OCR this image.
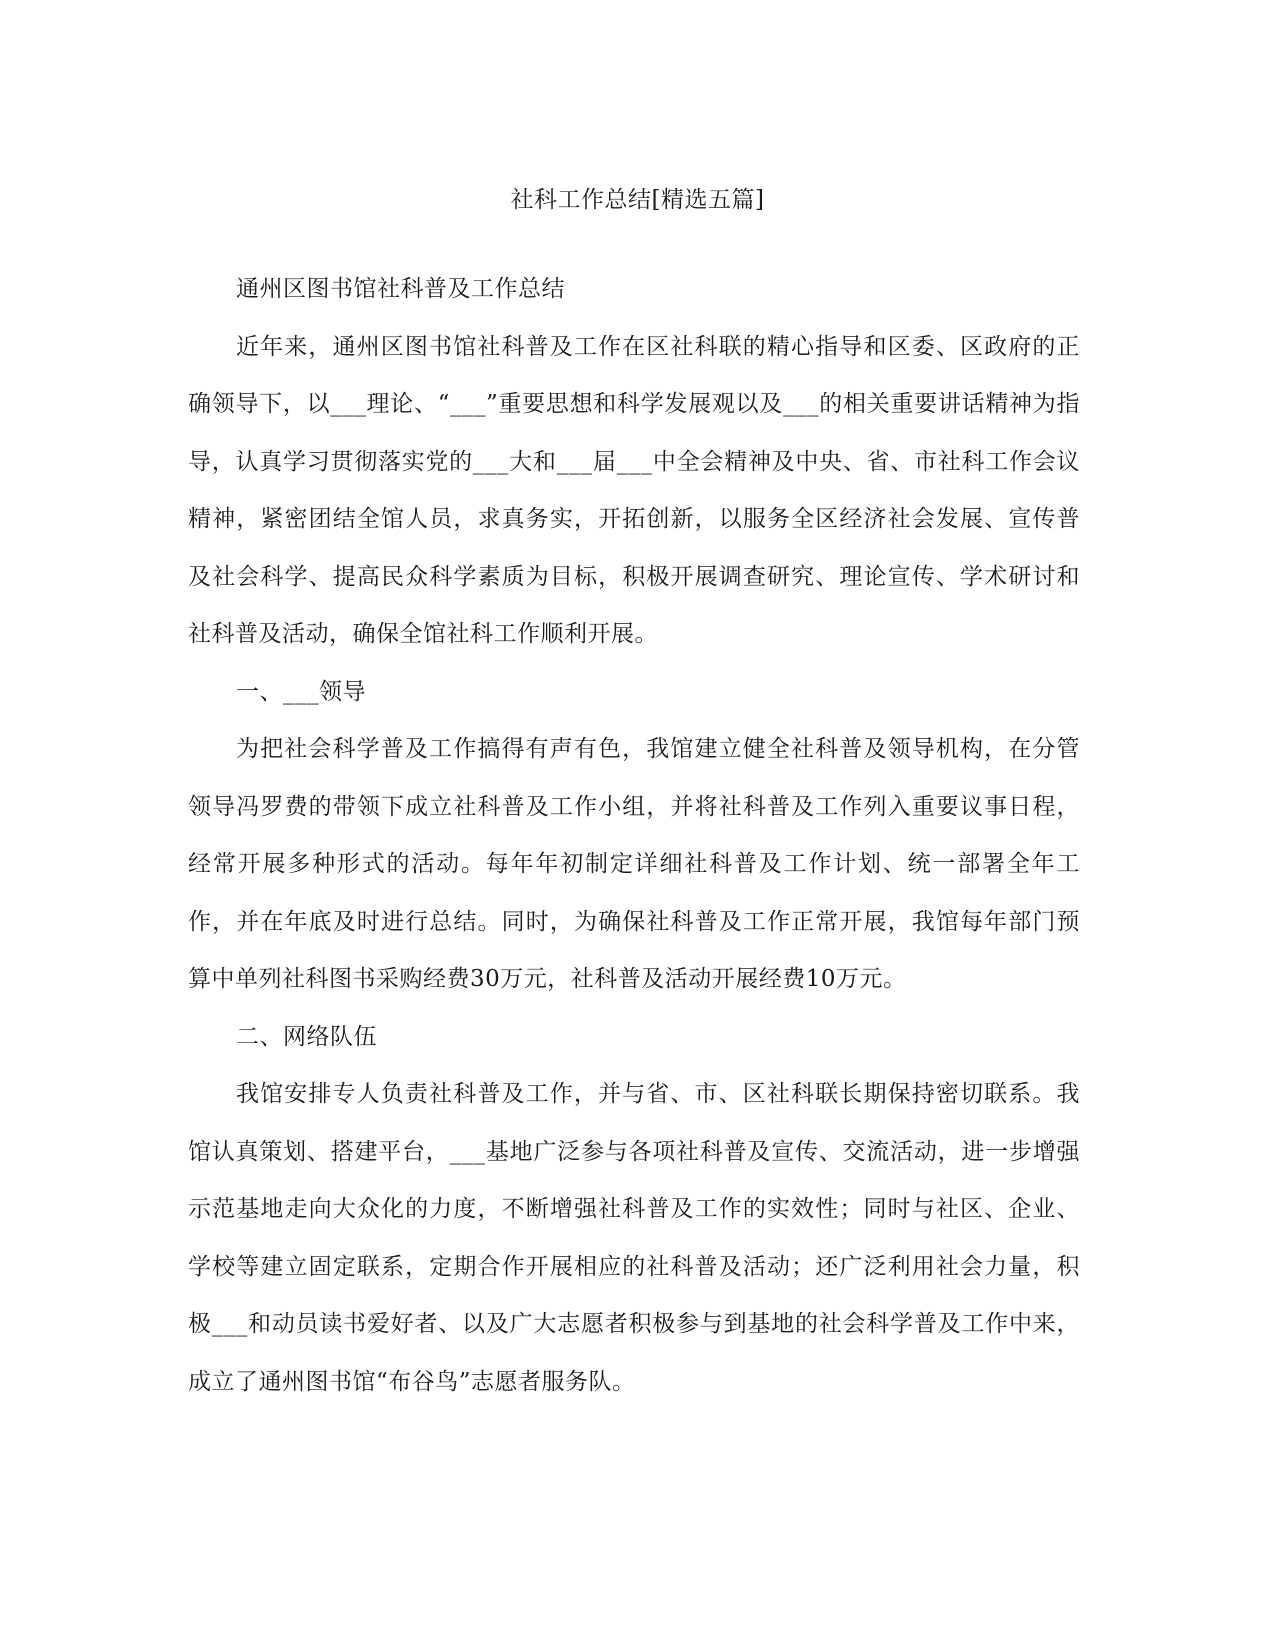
社科工作总结[精选五篇]

通州区图书馆社科普及工作总结

近年来，通州区图书馆社科普及工作在区社科联的精心指导和区委、区政府的正确领导下，以___理论、“___”重要思想和科学发展观以及___的相关重要讲话精神为指导，认真学习贯彻落实党的___大和___届___中全会精神及中央、省、市社科工作会议精神，紧密团结全馆人员，求真务实，开拓创新，以服务全区经济社会发展、宣传普及社会科学、提高民众科学素质为目标，积极开展调查研究、理论宣传、学术研讨和社科普及活动，确保全馆社科工作顺利开展。

一、___领导

为把社会科学普及工作搞得有声有色，我馆建立健全社科普及领导机构，在分管领导冯罗费的带领下成立社科普及工作小组，并将社科普及工作列入重要议事日程，经常开展多种形式的活动。每年年初制定详细社科普及工作计划、统一部署全年工作，并在年底及时进行总结。同时，为确保社科普及工作正常开展，我馆每年部门预算中单列社科图书采购经费30万元，社科普及活动开展经费10万元。

二、网络队伍

我馆安排专人负责社科普及工作，并与省、市、区社科联长期保持密切联系。我馆认真策划、搭建平台，___基地广泛参与各项社科普及宣传、交流活动，进一步增强示范基地走向大众化的力度，不断增强社科普及工作的实效性；同时与社区、企业、学校等建立固定联系，定期合作开展相应的社科普及活动；还广泛利用社会力量，积极___和动员读书爱好者、以及广大志愿者积极参与到基地的社会科学普及工作中来，成立了通州图书馆“布谷鸟”志愿者服务队。
